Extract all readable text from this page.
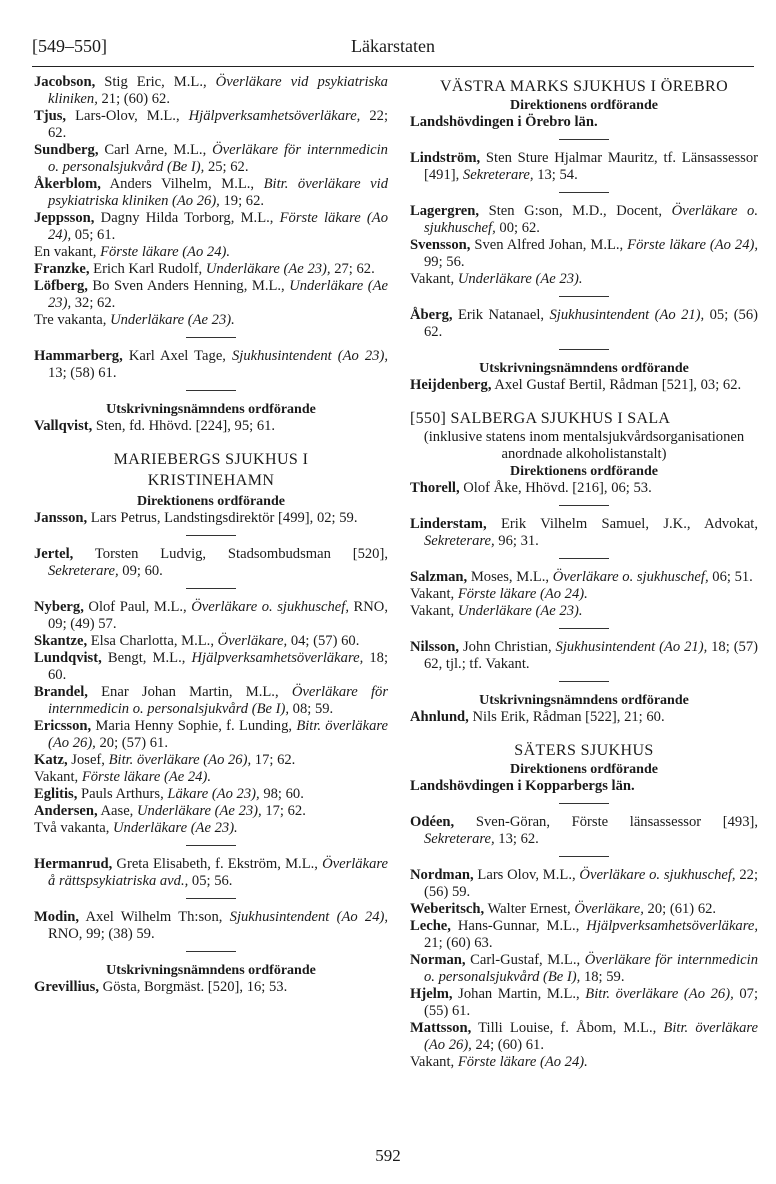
[549–550]	Läkarstaten

Jacobson, Stig Eric, M.L., Överläkare vid psykiatriska kliniken, 21; (60) 62.

Tjus, Lars-Olov, M.L., Hjälpverksamhetsöverläkare, 22; 62.

Sundberg, Carl Arne, M.L., Överläkare för internmedicin o. personalsjukvård (Be I), 25; 62.

Åkerblom, Anders Vilhelm, M.L., Bitr. överläkare vid psykiatriska kliniken (Ao 26), 19; 62.

Jeppsson, Dagny Hilda Torborg, M.L., Förste läkare (Ao 24), 05; 61.

En vakant, Förste läkare (Ao 24).

Franzke, Erich Karl Rudolf, Underläkare (Ae 23), 27; 62.

Löfberg, Bo Sven Anders Henning, M.L., Underläkare (Ae 23), 32; 62.

Tre vakanta, Underläkare (Ae 23).

Hammarberg, Karl Axel Tage, Sjukhusintendent (Ao 23), 13; (58) 61.

Utskrivningsnämndens ordförande

Vallqvist, Sten, fd. Hhövd. [224], 95; 61.

MARIEBERGS SJUKHUS I

KRISTINEHAMN

Direktionens ordförande

Jansson, Lars Petrus, Landstingsdirektör [499], 02; 59.

Jertel, Torsten Ludvig, Stadsombudsman [520], Sekreterare, 09; 60.

Nyberg, Olof Paul, M.L., Överläkare o. sjukhuschef, RNO, 09; (49) 57.

Skantze, Elsa Charlotta, M.L., Överläkare, 04; (57) 60.

Lundqvist, Bengt, M.L., Hjälpverksamhetsöverläkare, 18; 60.

Brandel, Enar Johan Martin, M.L., Överläkare för internmedicin o. personalsjukvård (Be I), 08; 59.

Ericsson, Maria Henny Sophie, f. Lunding, Bitr. överläkare (Ao 26), 20; (57) 61.

Katz, Josef, Bitr. överläkare (Ao 26), 17; 62.

Vakant, Förste läkare (Ae 24).

Eglitis, Pauls Arthurs, Läkare (Ao 23), 98; 60.

Andersen, Aase, Underläkare (Ae 23), 17; 62.

Två vakanta, Underläkare (Ae 23).

Hermanrud, Greta Elisabeth, f. Ekström, M.L., Överläkare å rättspsykiatriska avd., 05; 56.

Modin, Axel Wilhelm Th:son, Sjukhusintendent (Ao 24), RNO, 99; (38) 59.

Utskrivningsnämndens ordförande

Grevillius, Gösta, Borgmäst. [520], 16; 53.

VÄSTRA MARKS SJUKHUS I ÖREBRO

Direktionens ordförande

Landshövdingen i Örebro län.

Lindström, Sten Sture Hjalmar Mauritz, tf. Länsassessor [491], Sekreterare, 13; 54.

Lagergren, Sten G:son, M.D., Docent, Överläkare o. sjukhuschef, 00; 62.

Svensson, Sven Alfred Johan, M.L., Förste läkare (Ao 24), 99; 56.

Vakant, Underläkare (Ae 23).

Åberg, Erik Natanael, Sjukhusintendent (Ao 21), 05; (56) 62.

Utskrivningsnämndens ordförande

Heijdenberg, Axel Gustaf Bertil, Rådman [521], 03; 62.

[550] SALBERGA SJUKHUS I SALA

(inklusive statens inom mentalsjukvårdsorganisationen anordnade alkoholistanstalt)

Direktionens ordförande

Thorell, Olof Åke, Hhövd. [216], 06; 53.

Linderstam, Erik Vilhelm Samuel, J.K., Advokat, Sekreterare, 96; 31.

Salzman, Moses, M.L., Överläkare o. sjukhuschef, 06; 51.

Vakant, Förste läkare (Ao 24).

Vakant, Underläkare (Ae 23).

Nilsson, John Christian, Sjukhusintendent (Ao 21), 18; (57) 62, tjl.; tf. Vakant.

Utskrivningsnämndens ordförande

Ahnlund, Nils Erik, Rådman [522], 21; 60.

SÄTERS SJUKHUS

Direktionens ordförande

Landshövdingen i Kopparbergs län.

Odéen, Sven-Göran, Förste länsassessor [493], Sekreterare, 13; 62.

Nordman, Lars Olov, M.L., Överläkare o. sjukhuschef, 22; (56) 59.

Weberitsch, Walter Ernest, Överläkare, 20; (61) 62.

Leche, Hans-Gunnar, M.L., Hjälpverksamhetsöverläkare, 21; (60) 63.

Norman, Carl-Gustaf, M.L., Överläkare för internmedicin o. personalsjukvård (Be I), 18; 59.

Hjelm, Johan Martin, M.L., Bitr. överläkare (Ao 26), 07; (55) 61.

Mattsson, Tilli Louise, f. Åbom, M.L., Bitr. överläkare (Ao 26), 24; (60) 61.

Vakant, Förste läkare (Ao 24).

592
